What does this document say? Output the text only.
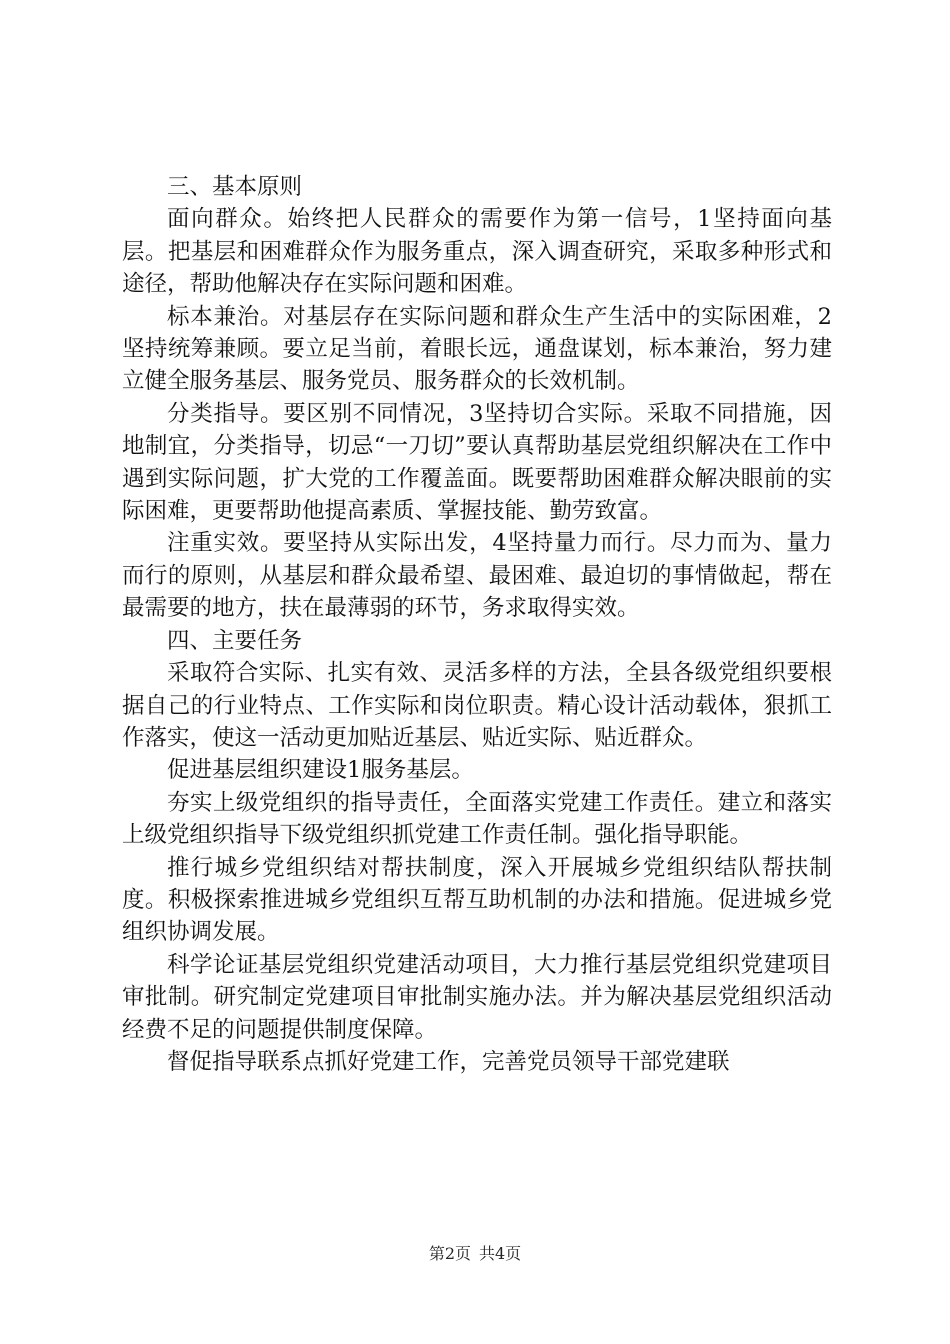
三、基本原则

面向群众。始终把人民群众的需要作为第一信号，1坚持面向基层。把基层和困难群众作为服务重点，深入调查研究，采取多种形式和途径，帮助他解决存在实际问题和困难。

标本兼治。对基层存在实际问题和群众生产生活中的实际困难，2坚持统筹兼顾。要立足当前，着眼长远，通盘谋划，标本兼治，努力建立健全服务基层、服务党员、服务群众的长效机制。

分类指导。要区别不同情况，3坚持切合实际。采取不同措施，因地制宜，分类指导，切忌“一刀切”要认真帮助基层党组织解决在工作中遇到实际问题，扩大党的工作覆盖面。既要帮助困难群众解决眼前的实际困难，更要帮助他提高素质、掌握技能、勤劳致富。

注重实效。要坚持从实际出发，4坚持量力而行。尽力而为、量力而行的原则，从基层和群众最希望、最困难、最迫切的事情做起，帮在最需要的地方，扶在最薄弱的环节，务求取得实效。

四、主要任务

采取符合实际、扎实有效、灵活多样的方法，全县各级党组织要根据自己的行业特点、工作实际和岗位职责。精心设计活动载体，狠抓工作落实，使这一活动更加贴近基层、贴近实际、贴近群众。

促进基层组织建设1服务基层。

夯实上级党组织的指导责任，全面落实党建工作责任。建立和落实上级党组织指导下级党组织抓党建工作责任制。强化指导职能。

推行城乡党组织结对帮扶制度，深入开展城乡党组织结队帮扶制度。积极探索推进城乡党组织互帮互助机制的办法和措施。促进城乡党组织协调发展。

科学论证基层党组织党建活动项目，大力推行基层党组织党建项目审批制。研究制定党建项目审批制实施办法。并为解决基层党组织活动经费不足的问题提供制度保障。

督促指导联系点抓好党建工作，完善党员领导干部党建联

第2页 共4页
